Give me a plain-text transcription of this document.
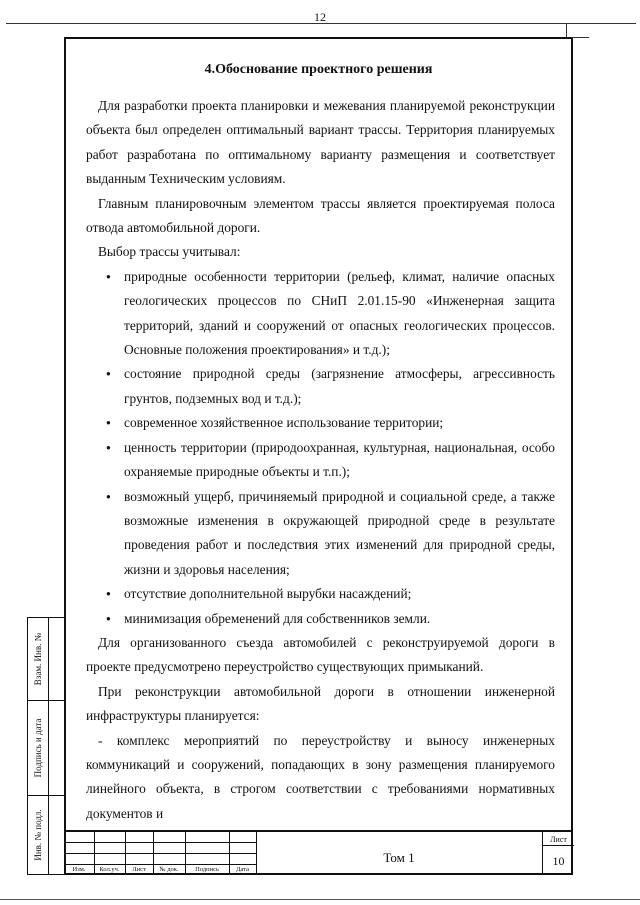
12
Взам. Инв. №
Подпись и дата
Инв. № подл.
4.Обоснование проектного решения

Для разработки проекта планировки и межевания планируемой реконструкции объекта был определен оптимальный вариант трассы. Территория планируемых работ разработана по оптимальному варианту размещения и соответствует выданным Техническим условиям.

Главным планировочным элементом трассы является проектируемая полоса отвода автомобильной дороги.

Выбор трассы учитывал:

● природные особенности территории (рельеф, климат, наличие опасных геологических процессов по СНиП 2.01.15-90 «Инженерная защита территорий, зданий и сооружений от опасных геологических процессов. Основные положения проектирования» и т.д.);
● состояние природной среды (загрязнение атмосферы, агрессивность грунтов, подземных вод и т.д.);
● современное хозяйственное использование территории;
● ценность территории (природоохранная, культурная, национальная, особо охраняемые природные объекты и т.п.);
● возможный ущерб, причиняемый природной и социальной среде, а также возможные изменения в окружающей природной среде в результате проведения работ и последствия этих изменений для природной среды, жизни и здоровья населения;
● отсутствие дополнительной вырубки насаждений;
● минимизация обременений для собственников земли.

Для организованного съезда автомобилей с реконструируемой дороги в проекте предусмотрено переустройство существующих примыканий.

При реконструкции автомобильной дороги в отношении инженерной инфраструктуры планируется:

- комплекс мероприятий по переустройству и выносу инженерных коммуникаций и сооружений, попадающих в зону размещения планируемого линейного объекта, в строгом соответствии с требованиями нормативных документов и

Изм.	Кол.уч.	Лист	№ док.	Подпись	Дата
Том 1
Лист
10
